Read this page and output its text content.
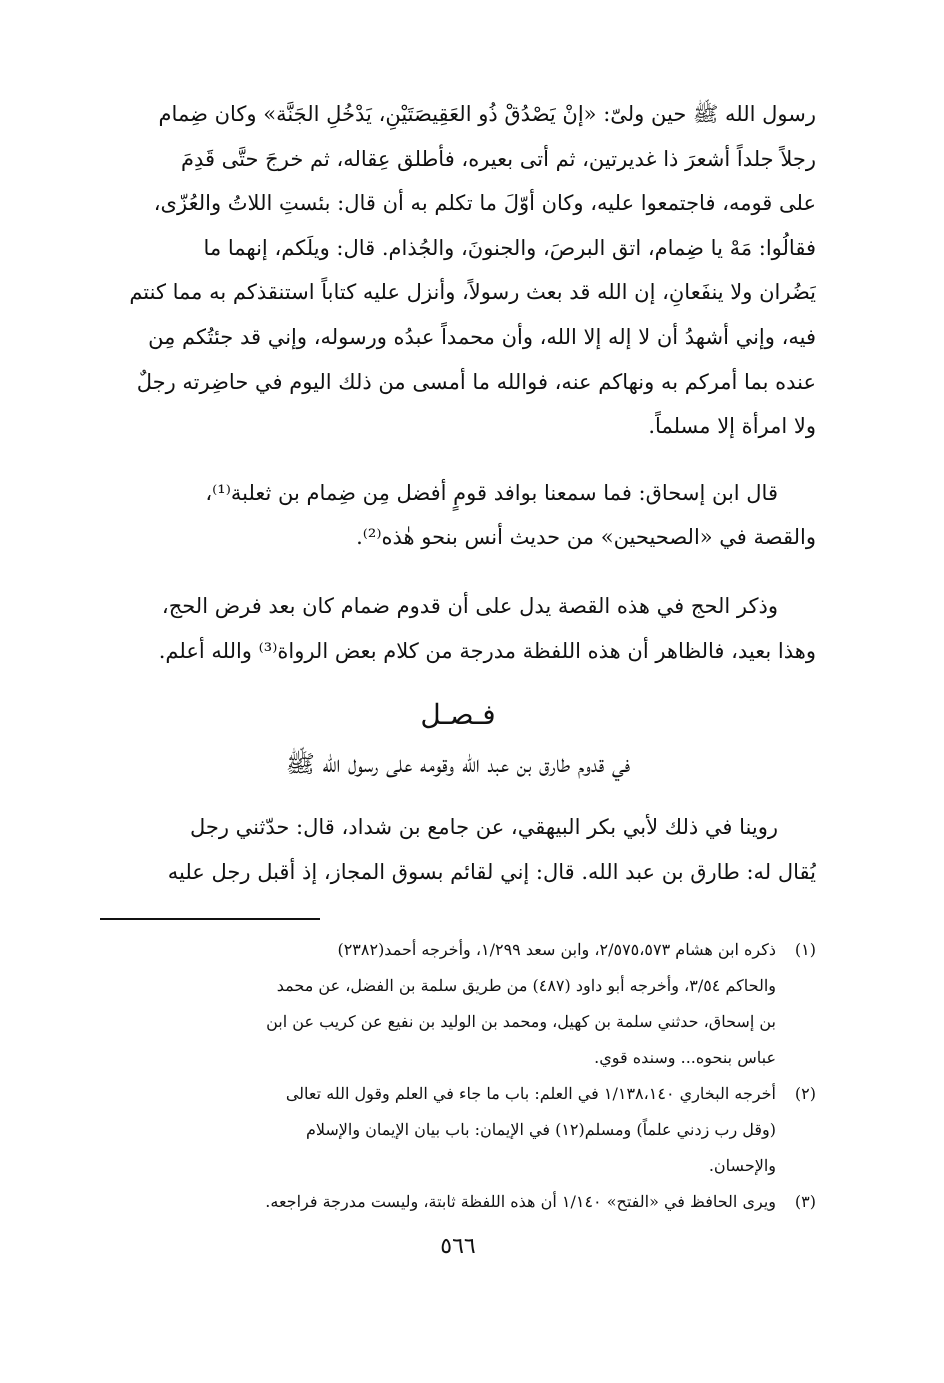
رسول الله ﷺ حين ولىّ: «إنْ يَصْدُقْ ذُو العَقِيصَتَيْنِ، يَدْخُلِ الجَنَّة» وكان ضِمام
رجلاً جلداً أشعرَ ذا غديرتين، ثم أتى بعيره، فأطلق عِقاله، ثم خرجَ حتَّى قَدِمَ
على قومه، فاجتمعوا عليه، وكان أوّلَ ما تكلم به أن قال: بئستِ اللاتُ والعُزّى،
فقالُوا: مَهْ يا ضِمام، اتق البرصَ، والجنونَ، والجُذام. قال: ويلَكم، إنهما ما
يَضُران ولا ينفَعانِ، إن الله قد بعث رسولاً، وأنزل عليه كتاباً استنقذكم به مما كنتم
فيه، وإني أشهدُ أن لا إله إلا الله، وأن محمداً عبدُه ورسوله، وإني قد جئتُكم مِن
عنده بما أمركم به ونهاكم عنه، فوالله ما أمسى من ذلك اليوم في حاضِرته رجلٌ
ولا امرأة إلا مسلماً.

قال ابن إسحاق: فما سمعنا بوافد قومٍ أفضل مِن ضِمام بن ثعلبة⁽¹⁾،
والقصة في «الصحيحين» من حديث أنس بنحو هٰذه⁽²⁾.

وذكر الحج في هذه القصة يدل على أن قدوم ضمام كان بعد فرض الحج،
وهذا بعيد، فالظاهر أن هذه اللفظة مدرجة من كلام بعض الرواة⁽³⁾ والله أعلم.

فـصـل
في قدوم طارق بن عبد الله وقومه على رسول الله ﷺ

روينا في ذلك لأبي بكر البيهقي، عن جامع بن شداد، قال: حدّثني رجل
يُقال له: طارق بن عبد الله. قال: إني لقائم بسوق المجاز، إذ أقبل رجل عليه

(١)
ذكره ابن هشام ٢/٥٧٥،٥٧٣، وابن سعد ١/٢٩٩، وأخرجه أحمد(٢٣٨٢)
والحاكم ٣/٥٤، وأخرجه أبو داود (٤٨٧) من طريق سلمة بن الفضل، عن محمد
بن إسحاق، حدثني سلمة بن كهيل، ومحمد بن الوليد بن نفيع عن كريب عن ابن
عباس بنحوه... وسنده قوي.
(٢)
أخرجه البخاري ١/١٣٨،١٤٠ في العلم: باب ما جاء في العلم وقول الله تعالى
(وقل رب زدني علماً) ومسلم(١٢) في الإيمان: باب بيان الإيمان والإسلام
والإحسان.
(٣)
ويرى الحافظ في «الفتح» ١/١٤٠ أن هذه اللفظة ثابتة، وليست مدرجة فراجعه.
٥٦٦
